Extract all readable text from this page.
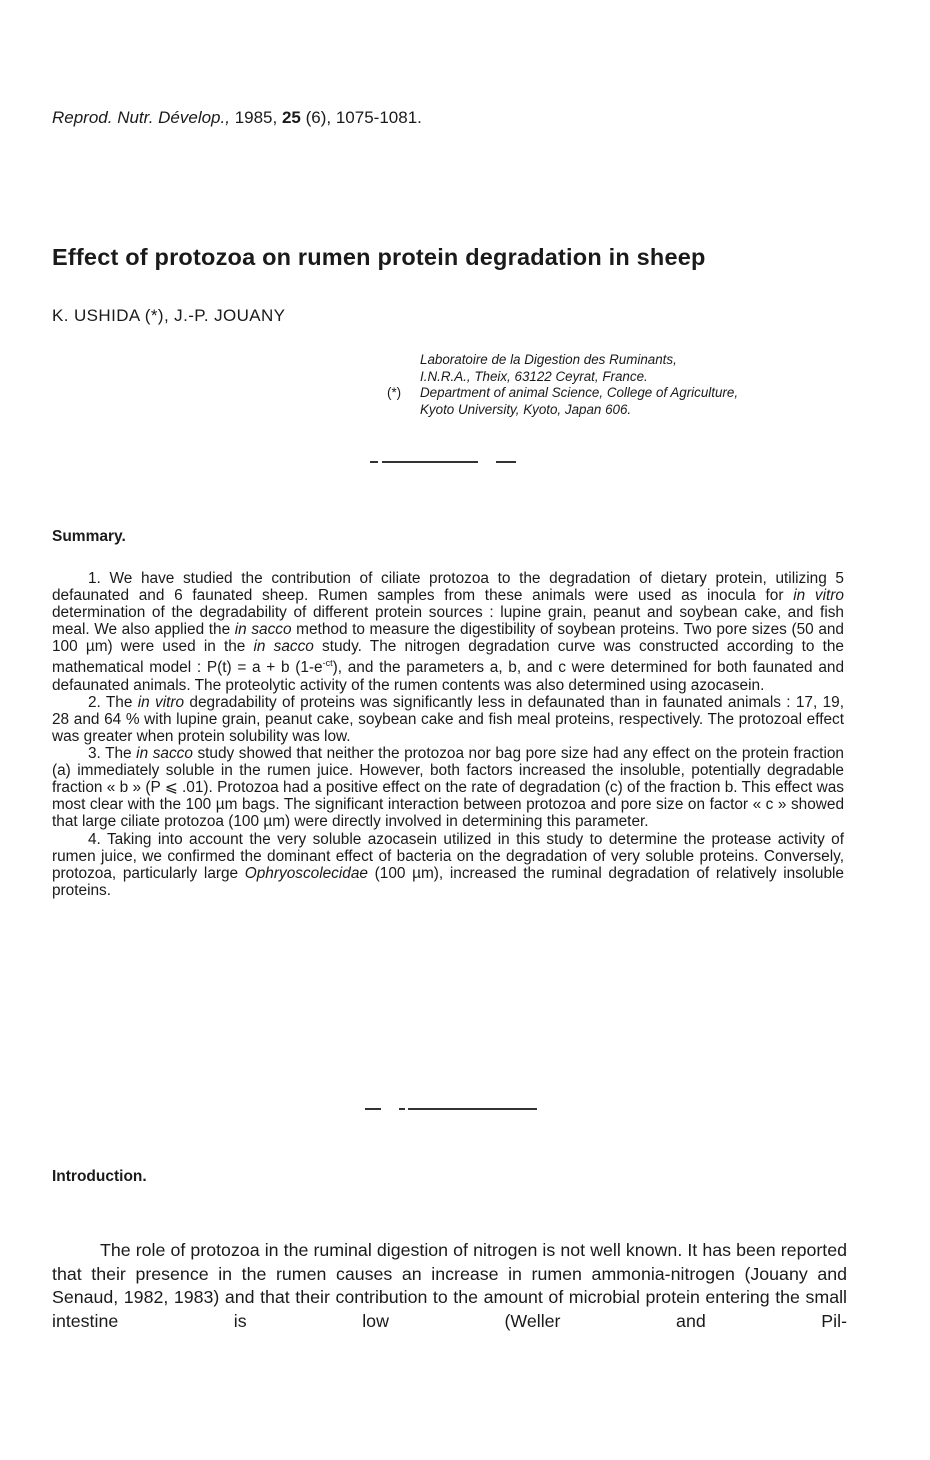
Reprod. Nutr. Dévelop., 1985, 25 (6), 1075-1081.
Effect of protozoa on rumen protein degradation in sheep
K. USHIDA (*), J.-P. JOUANY
Laboratoire de la Digestion des Ruminants,
I.N.R.A., Theix, 63122 Ceyrat, France.
(*)	Department of animal Science, College of Agriculture,
Kyoto University, Kyoto, Japan 606.
Summary.

1. We have studied the contribution of ciliate protozoa to the degradation of dietary protein, utilizing 5 defaunated and 6 faunated sheep. Rumen samples from these animals were used as inocula for in vitro determination of the degradability of different protein sources : lupine grain, peanut and soybean cake, and fish meal. We also applied the in sacco method to measure the digestibility of soybean proteins. Two pore sizes (50 and 100 µm) were used in the in sacco study. The nitrogen degradation curve was constructed according to the mathematical model : P(t) = a + b $(1-e^{-ct})$, and the parameters a, b, and c were determined for both faunated and defaunated animals. The proteolytic activity of the rumen contents was also determined using azocasein.

2. The in vitro degradability of proteins was significantly less in defaunated than in faunated animals : 17, 19, 28 and 64 % with lupine grain, peanut cake, soybean cake and fish meal proteins, respectively. The protozoal effect was greater when protein solubility was low.

3. The in sacco study showed that neither the protozoa nor bag pore size had any effect on the protein fraction (a) immediately soluble in the rumen juice. However, both factors increased the insoluble, potentially degradable fraction « b » (P ⩽ .01). Protozoa had a positive effect on the rate of degradation (c) of the fraction b. This effect was most clear with the 100 µm bags. The significant interaction between protozoa and pore size on factor « c » showed that large ciliate protozoa (100 µm) were directly involved in determining this parameter.

4. Taking into account the very soluble azocasein utilized in this study to determine the protease activity of rumen juice, we confirmed the dominant effect of bacteria on the degradation of very soluble proteins. Conversely, protozoa, particularly large Ophryoscolecidae (100 µm), increased the ruminal degradation of relatively insoluble proteins.

Introduction.

The role of protozoa in the ruminal digestion of nitrogen is not well known. It has been reported that their presence in the rumen causes an increase in rumen ammonia-nitrogen (Jouany and Senaud, 1982, 1983) and that their contribution to the amount of microbial protein entering the small intestine is low (Weller and Pil-
